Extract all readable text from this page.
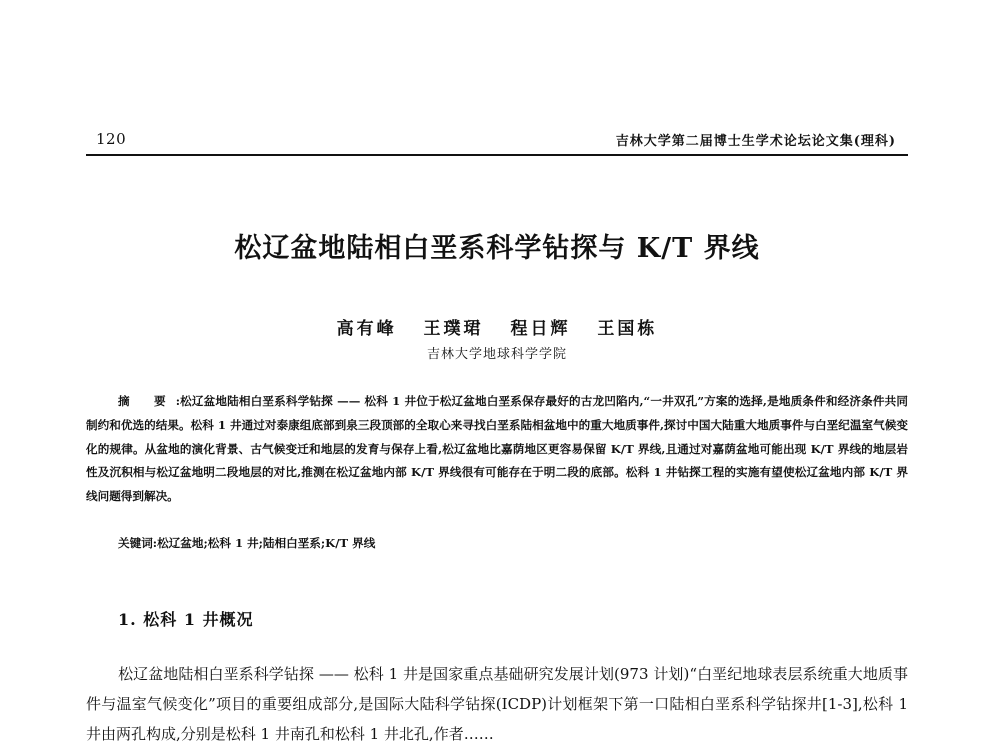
120	吉林大学第二届博士生学术论坛论文集(理科)
松辽盆地陆相白垩系科学钻探与 K/T 界线
高有峰 王璞珺 程日辉 王国栋
吉林大学地球科学学院
摘 要:松辽盆地陆相白垩系科学钻探 —— 松科 1 井位于松辽盆地白垩系保存最好的古龙凹陷内,“一井双孔”方案的选择,是地质条件和经济条件共同制约和优选的结果。松科 1 井通过对泰康组底部到泉三段顶部的全取心来寻找白垩系陆相盆地中的重大地质事件,探讨中国大陆重大地质事件与白垩纪温室气候变化的规律。从盆地的演化背景、古气候变迁和地层的发育与保存上看,松辽盆地比嘉荫地区更容易保留 K/T 界线,且通过对嘉荫盆地可能出现 K/T 界线的地层岩性及沉积相与松辽盆地明二段地层的对比,推测在松辽盆地内部 K/T 界线很有可能存在于明二段的底部。松科 1 井钻探工程的实施有望使松辽盆地内部 K/T 界线问题得到解决。
关键词:松辽盆地;松科 1 井;陆相白垩系;K/T 界线
1. 松科 1 井概况
松辽盆地陆相白垩系科学钻探 —— 松科 1 井是国家重点基础研究发展计划(973 计划)“白垩纪地球表层系统重大地质事件与温室气候变化”项目的重要组成部分,是国际大陆科学钻探(ICDP)计划框架下第一口陆相白垩系科学钻探井[1-3],松科 1 井由两孔构成,分别是松科 1 井南孔和松科 1 井北孔,作者……
